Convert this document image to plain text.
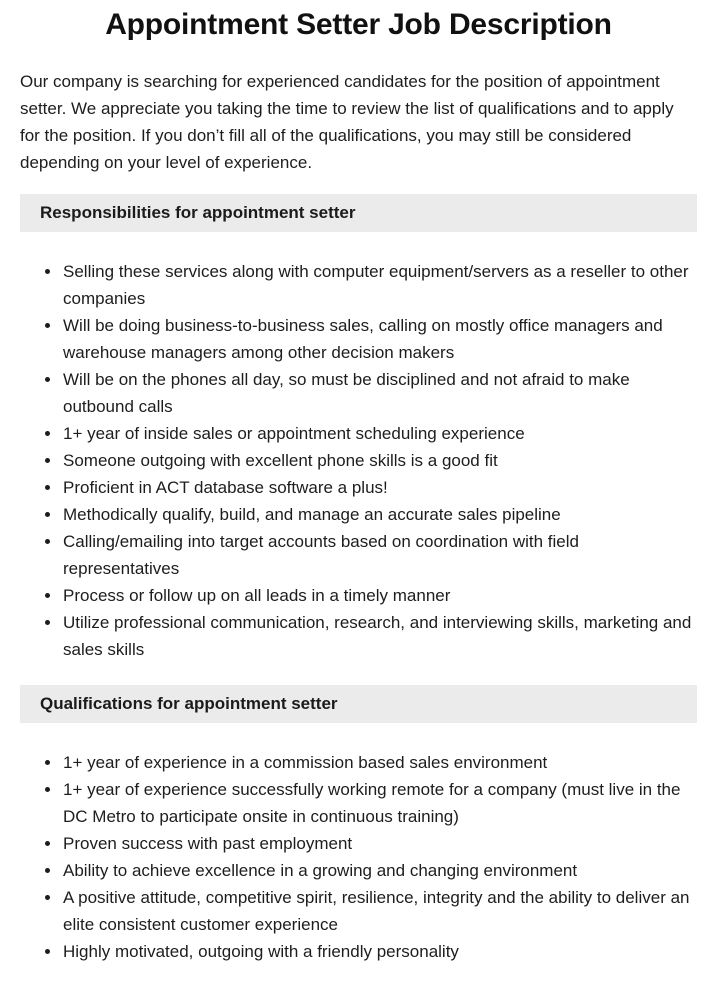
Appointment Setter Job Description

Our company is searching for experienced candidates for the position of appointment setter. We appreciate you taking the time to review the list of qualifications and to apply for the position. If you don’t fill all of the qualifications, you may still be considered depending on your level of experience.

Responsibilities for appointment setter
• Selling these services along with computer equipment/servers as a reseller to other companies
• Will be doing business-to-business sales, calling on mostly office managers and warehouse managers among other decision makers
• Will be on the phones all day, so must be disciplined and not afraid to make outbound calls
• 1+ year of inside sales or appointment scheduling experience
• Someone outgoing with excellent phone skills is a good fit
• Proficient in ACT database software a plus!
• Methodically qualify, build, and manage an accurate sales pipeline
• Calling/emailing into target accounts based on coordination with field representatives
• Process or follow up on all leads in a timely manner
• Utilize professional communication, research, and interviewing skills, marketing and sales skills
Qualifications for appointment setter
• 1+ year of experience in a commission based sales environment
• 1+ year of experience successfully working remote for a company (must live in the DC Metro to participate onsite in continuous training)
• Proven success with past employment
• Ability to achieve excellence in a growing and changing environment
• A positive attitude, competitive spirit, resilience, integrity and the ability to deliver an elite consistent customer experience
• Highly motivated, outgoing with a friendly personality
